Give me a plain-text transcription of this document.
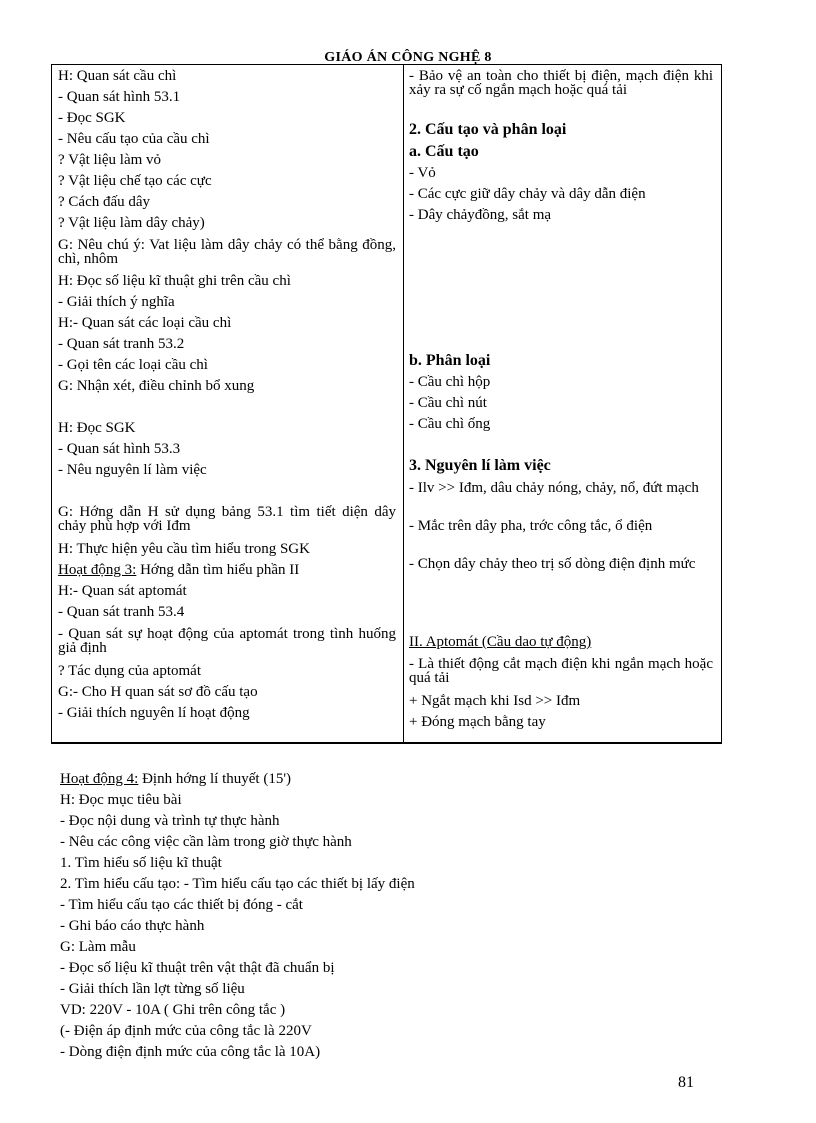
GIÁO ÁN CÔNG NGHỆ 8
H: Quan sát cầu chì
- Quan sát hình 53.1
- Đọc SGK
- Nêu cấu tạo của cầu chì
? Vật liệu làm vỏ
? Vật liệu chế tạo các cực
? Cách đấu dây
? Vật liệu làm dây chảy)
G: Nêu chú ý: Vat liệu làm dây chảy có thể bằng đồng, chì, nhôm
H: Đọc số liệu kĩ thuật ghi trên cầu chì
- Giải thích ý nghĩa
H:- Quan sát các loại cầu chì
- Quan sát tranh 53.2
- Gọi tên các loại cầu chì
G: Nhận xét, điều chỉnh bổ xung
H: Đọc SGK
- Quan sát hình 53.3
- Nêu nguyên lí làm việc
G: Hớng dẫn H sử dụng bảng 53.1 tìm tiết diện dây chảy phù hợp với Iđm
H: Thực hiện yêu cầu tìm hiểu trong SGK
Hoạt động 3: Hớng dẫn tìm hiểu phần II
H:- Quan sát aptomát
- Quan sát tranh 53.4
- Quan sát sự hoạt động của aptomát trong tình huống giả định
? Tác dụng của aptomát
G:- Cho H quan sát sơ đồ cấu tạo
- Giải thích nguyên lí hoạt động
- Bảo vệ an toàn cho thiết bị điện, mạch điện khi xảy ra sự cố ngắn mạch hoặc quá tải
2. Cấu tạo và phân loại
a. Cấu tạo
- Vỏ
- Các cực giữ dây chảy và dây dẫn điện
- Dây chảyđồng, sắt mạ
b. Phân loại
- Cầu chì hộp
- Cầu chì nút
- Cầu chì ống
3. Nguyên lí làm việc
- Ilv >> Iđm, dâu chảy nóng, chảy, nổ, đứt mạch
- Mắc trên dây pha, trớc công tắc, ổ điện
- Chọn dây chảy theo trị số dòng điện định mức
II. Aptomát (Cầu dao tự động)
- Là thiết động cắt mạch điện khi ngắn mạch hoặc quá tải
+ Ngắt mạch khi Isd >> Iđm
+ Đóng mạch bằng tay
Hoạt động 4: Định hớng lí thuyết (15')
H: Đọc mục tiêu bài
- Đọc nội dung và trình tự thực hành
- Nêu các công việc cần làm trong giờ thực hành
1. Tìm hiểu số liệu kĩ thuật
2. Tìm hiểu cấu tạo: - Tìm hiểu cấu tạo các thiết bị lấy điện
- Tìm hiểu cấu tạo các thiết bị đóng - cắt
- Ghi báo cáo thực hành
G: Làm mẫu
- Đọc số liệu kĩ thuật trên vật thật đã chuẩn bị
- Giải thích lần lợt từng số liệu
VD: 220V - 10A ( Ghi trên công tắc )
(- Điện áp định mức của công tắc là 220V
- Dòng điện định mức của công tắc là 10A)
81
